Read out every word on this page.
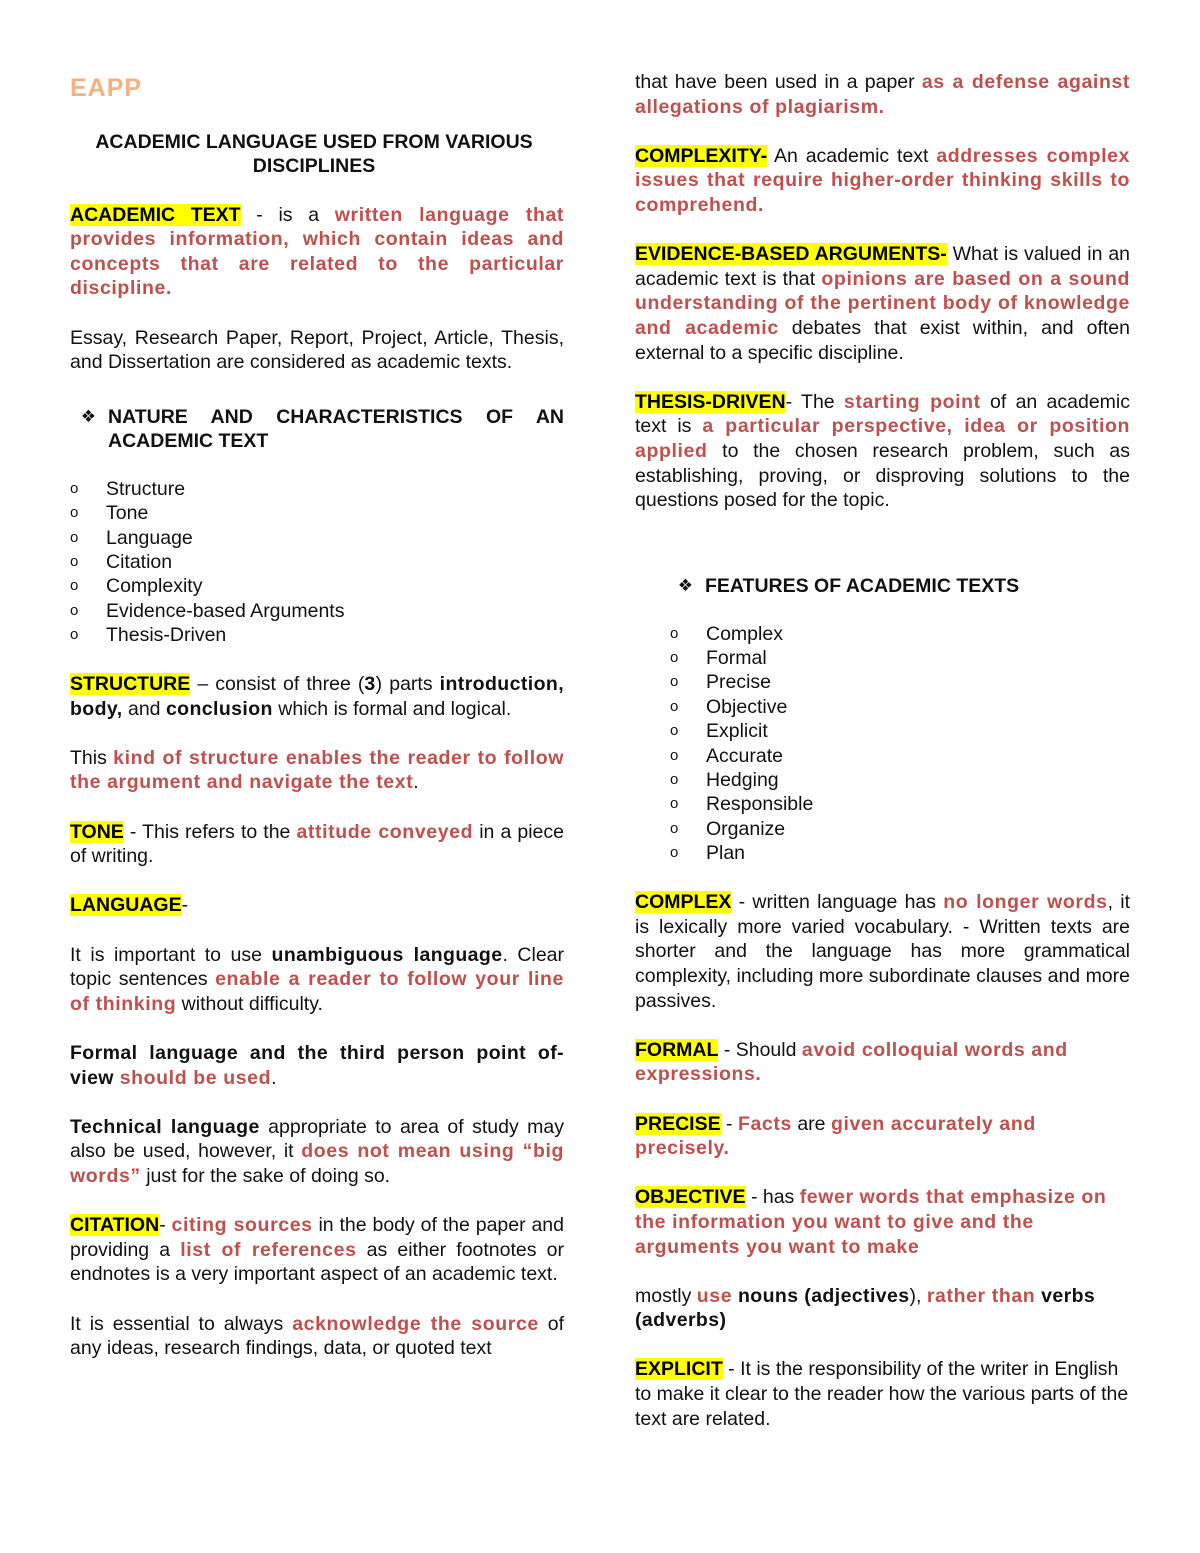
EAPP

ACADEMIC LANGUAGE USED FROM VARIOUS DISCIPLINES

ACADEMIC TEXT - is a written language that provides information, which contain ideas and concepts that are related to the particular discipline.

Essay, Research Paper, Report, Project, Article, Thesis, and Dissertation are considered as academic texts.

❖ NATURE AND CHARACTERISTICS OF AN ACADEMIC TEXT
o	Structure
o	Tone
o	Language
o	Citation
o	Complexity
o	Evidence-based Arguments
o	Thesis-Driven

STRUCTURE – consist of three (3) parts introduction, body, and conclusion which is formal and logical.

This kind of structure enables the reader to follow the argument and navigate the text.

TONE - This refers to the attitude conveyed in a piece of writing.

LANGUAGE-

It is important to use unambiguous language. Clear topic sentences enable a reader to follow your line of thinking without difficulty.

Formal language and the third person point of-view should be used.

Technical language appropriate to area of study may also be used, however, it does not mean using “big words” just for the sake of doing so.

CITATION- citing sources in the body of the paper and providing a list of references as either footnotes or endnotes is a very important aspect of an academic text.

It is essential to always acknowledge the source of any ideas, research findings, data, or quoted text

that have been used in a paper as a defense against allegations of plagiarism.

COMPLEXITY- An academic text addresses complex issues that require higher-order thinking skills to comprehend.

EVIDENCE-BASED ARGUMENTS- What is valued in an academic text is that opinions are based on a sound understanding of the pertinent body of knowledge and academic debates that exist within, and often external to a specific discipline.

THESIS-DRIVEN- The starting point of an academic text is a particular perspective, idea or position applied to the chosen research problem, such as establishing, proving, or disproving solutions to the questions posed for the topic.

❖ FEATURES OF ACADEMIC TEXTS
o	Complex
o	Formal
o	Precise
o	Objective
o	Explicit
o	Accurate
o	Hedging
o	Responsible
o	Organize
o	Plan

COMPLEX - written language has no longer words, it is lexically more varied vocabulary. - Written texts are shorter and the language has more grammatical complexity, including more subordinate clauses and more passives.

FORMAL - Should avoid colloquial words and expressions.

PRECISE - Facts are given accurately and precisely.

OBJECTIVE - has fewer words that emphasize on the information you want to give and the arguments you want to make

mostly use nouns (adjectives), rather than verbs (adverbs)

EXPLICIT - It is the responsibility of the writer in English to make it clear to the reader how the various parts of the text are related.
